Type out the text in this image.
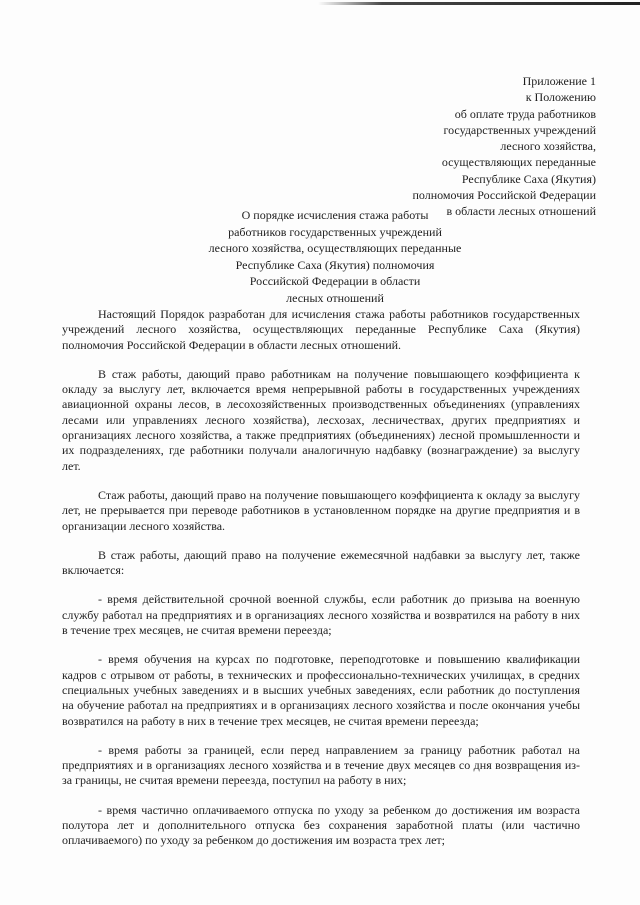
Приложение 1
к Положению
об оплате труда работников
государственных учреждений
лесного хозяйства,
осуществляющих переданные
Республике Саха (Якутия)
полномочия Российской Федерации
в области лесных отношений
О порядке исчисления стажа работы
работников государственных учреждений
лесного хозяйства, осуществляющих переданные
Республике Саха (Якутия) полномочия
Российской Федерации в области
лесных отношений

Настоящий Порядок разработан для исчисления стажа работы работников государственных учреждений лесного хозяйства, осуществляющих переданные Республике Саха (Якутия) полномочия Российской Федерации в области лесных отношений.

В стаж работы, дающий право работникам на получение повышающего коэффициента к окладу за выслугу лет, включается время непрерывной работы в государственных учреждениях авиационной охраны лесов, в лесохозяйственных производственных объединениях (управлениях лесами или управлениях лесного хозяйства), лесхозах, лесничествах, других предприятиях и организациях лесного хозяйства, а также предприятиях (объединениях) лесной промышленности и их подразделениях, где работники получали аналогичную надбавку (вознаграждение) за выслугу лет.

Стаж работы, дающий право на получение повышающего коэффициента к окладу за выслугу лет, не прерывается при переводе работников в установленном порядке на другие предприятия и в организации лесного хозяйства.

В стаж работы, дающий право на получение ежемесячной надбавки за выслугу лет, также включается:

- время действительной срочной военной службы, если работник до призыва на военную службу работал на предприятиях и в организациях лесного хозяйства и возвратился на работу в них в течение трех месяцев, не считая времени переезда;

- время обучения на курсах по подготовке, переподготовке и повышению квалификации кадров с отрывом от работы, в технических и профессионально-технических училищах, в средних специальных учебных заведениях и в высших учебных заведениях, если работник до поступления на обучение работал на предприятиях и в организациях лесного хозяйства и после окончания учебы возвратился на работу в них в течение трех месяцев, не считая времени переезда;

- время работы за границей, если перед направлением за границу работник работал на предприятиях и в организациях лесного хозяйства и в течение двух месяцев со дня возвращения из-за границы, не считая времени переезда, поступил на работу в них;

- время частично оплачиваемого отпуска по уходу за ребенком до достижения им возраста полутора лет и дополнительного отпуска без сохранения заработной платы (или частично оплачиваемого) по уходу за ребенком до достижения им возраста трех лет;
